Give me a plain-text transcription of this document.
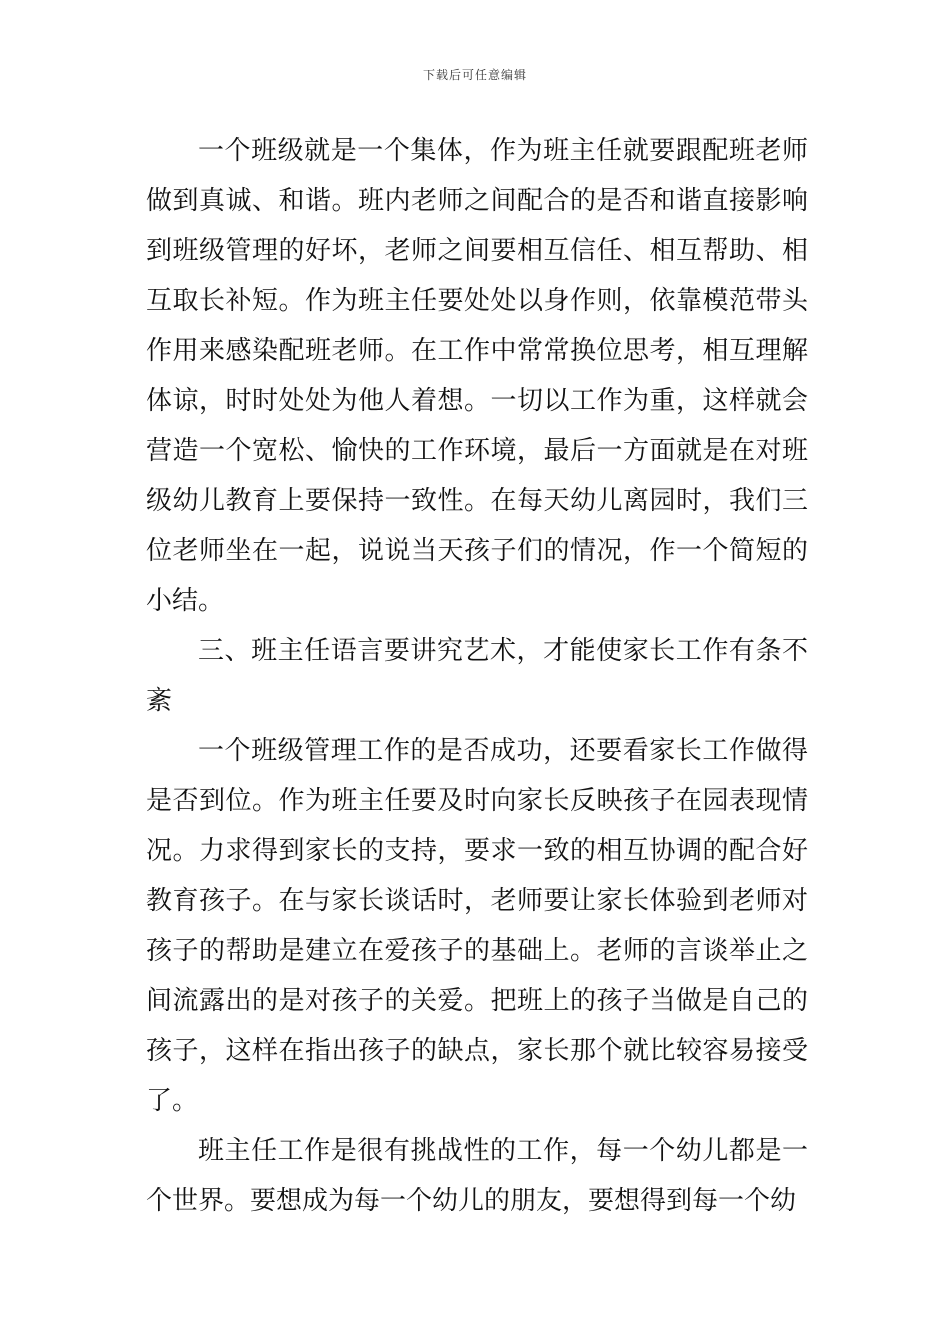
下载后可任意编辑

一个班级就是一个集体，作为班主任就要跟配班老师做到真诚、和谐。班内老师之间配合的是否和谐直接影响到班级管理的好坏，老师之间要相互信任、相互帮助、相互取长补短。作为班主任要处处以身作则，依靠模范带头作用来感染配班老师。在工作中常常换位思考，相互理解体谅，时时处处为他人着想。一切以工作为重，这样就会营造一个宽松、愉快的工作环境，最后一方面就是在对班级幼儿教育上要保持一致性。在每天幼儿离园时，我们三位老师坐在一起，说说当天孩子们的情况，作一个简短的小结。

三、班主任语言要讲究艺术，才能使家长工作有条不紊

一个班级管理工作的是否成功，还要看家长工作做得是否到位。作为班主任要及时向家长反映孩子在园表现情况。力求得到家长的支持，要求一致的相互协调的配合好教育孩子。在与家长谈话时，老师要让家长体验到老师对孩子的帮助是建立在爱孩子的基础上。老师的言谈举止之间流露出的是对孩子的关爱。把班上的孩子当做是自己的孩子，这样在指出孩子的缺点，家长那个就比较容易接受了。

班主任工作是很有挑战性的工作，每一个幼儿都是一个世界。要想成为每一个幼儿的朋友，要想得到每一个幼
